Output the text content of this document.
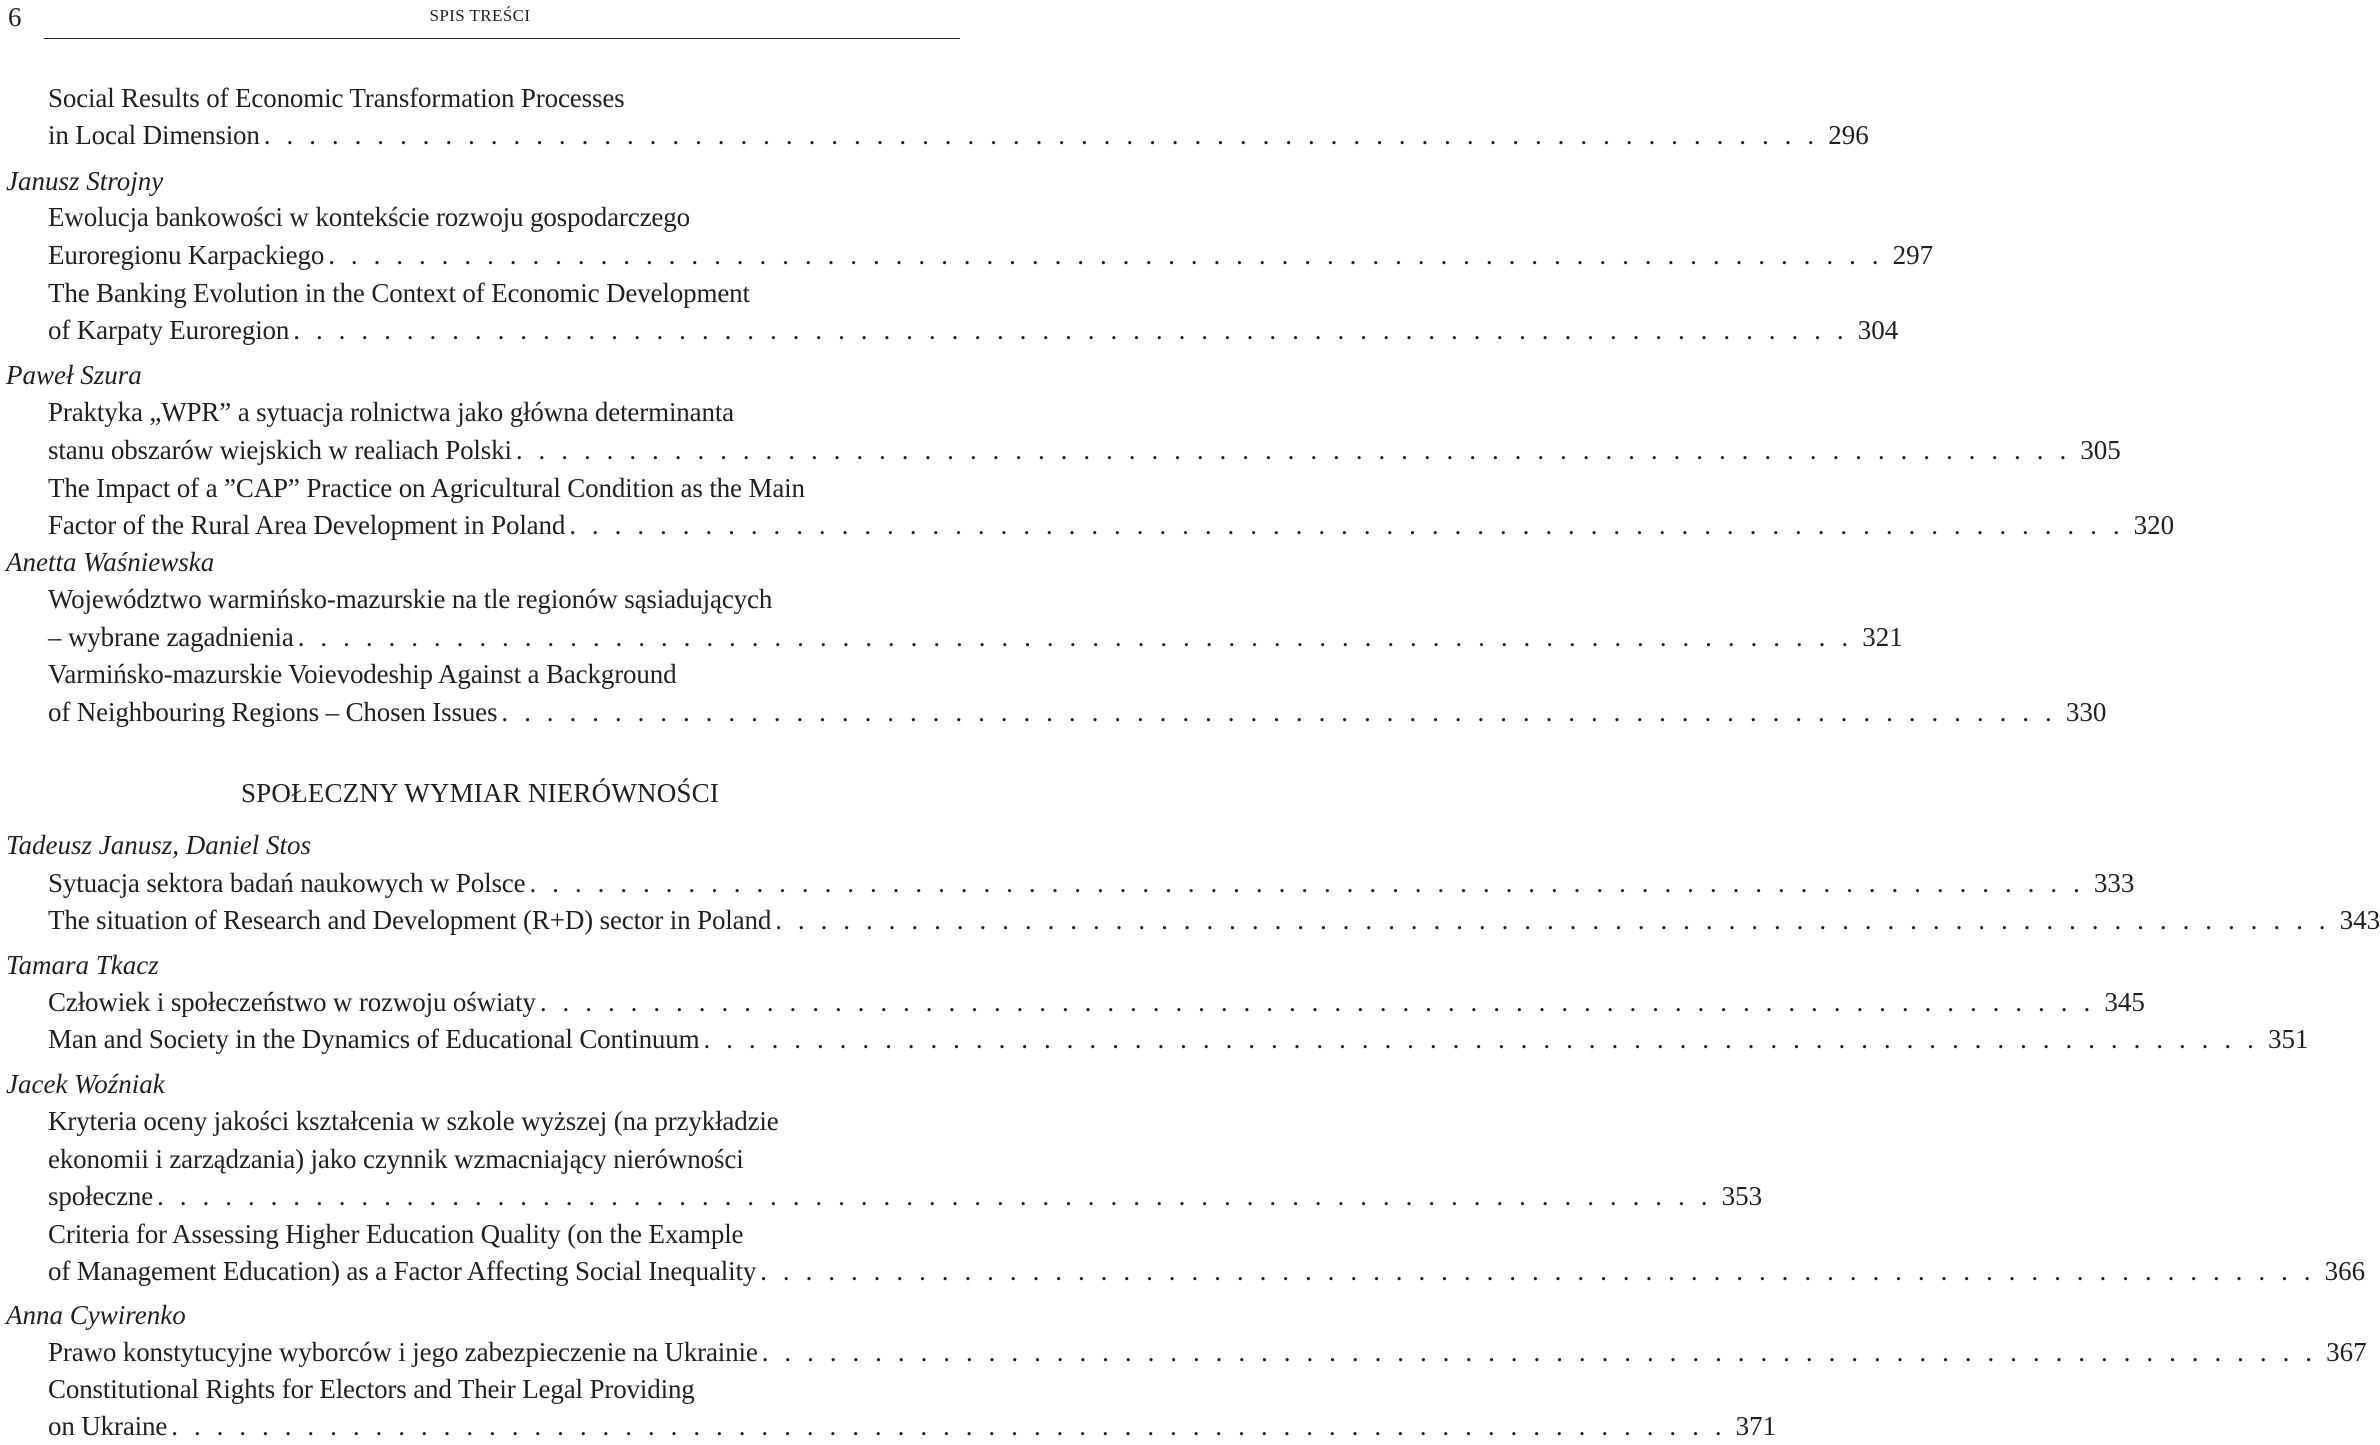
6	SPIS TREŚCI
Social Results of Economic Transformation Processes
in Local Dimension . . . . . . . . . . . . . . . . . . . . . . . . . . . . . . . . . . . . . . . . . . . . . . . . . . . . . . . . . . . . . . . . . . . . . 296
Janusz Strojny
Ewolucja bankowości w kontekście rozwoju gospodarczego
Euroregionu Karpackiego . . . . . . . . . . . . . . . . . . . . . . . . . . . . . . . . . . . . . . . . . . . . . . . . . . . . . . . . . . . . . . . . . . . . . 297
The Banking Evolution in the Context of Economic Development
of Karpaty Euroregion . . . . . . . . . . . . . . . . . . . . . . . . . . . . . . . . . . . . . . . . . . . . . . . . . . . . . . . . . . . . . . . . . . . . . 304
Paweł Szura
Praktyka „WPR” a sytuacja rolnictwa jako główna determinanta
stanu obszarów wiejskich w realiach Polski . . . . . . . . . . . . . . . . . . . . . . . . . . . . . . . . . . . . . . . . . . . . . . . . . . . . . . . . . . . . . . . . . . . . . 305
The Impact of a ”CAP” Practice on Agricultural Condition as the Main
Factor of the Rural Area Development in Poland . . . . . . . . . . . . . . . . . . . . . . . . . . . . . . . . . . . . . . . . . . . . . . . . . . . . . . . . . . . . . . . . . . . . . 320
Anetta Waśniewska
Województwo warmińsko-mazurskie na tle regionów sąsiadujących
– wybrane zagadnienia . . . . . . . . . . . . . . . . . . . . . . . . . . . . . . . . . . . . . . . . . . . . . . . . . . . . . . . . . . . . . . . . . . . . . 321
Varmińsko-mazurskie Voievodeship Against a Background
of Neighbouring Regions – Chosen Issues . . . . . . . . . . . . . . . . . . . . . . . . . . . . . . . . . . . . . . . . . . . . . . . . . . . . . . . . . . . . . . . . . . . . . 330
SPOŁECZNY WYMIAR NIERÓWNOŚCI
Tadeusz Janusz, Daniel Stos
Sytuacja sektora badań naukowych w Polsce . . . . . . . . . . . . . . . . . . . . . . . . . . . . . . . . . . . . . . . . . . . . . . . . . . . . . . . . . . . . . . . . . . . . . 333
The situation of Research and Development (R+D) sector in Poland . . . . . . . . . . . . . . . . . . . . . . . . . . . . . . . . . . . . . . . . . . . . . . . . . . . . . . . . . . . . . . . . . . . . . 343
Tamara Tkacz
Człowiek i społeczeństwo w rozwoju oświaty . . . . . . . . . . . . . . . . . . . . . . . . . . . . . . . . . . . . . . . . . . . . . . . . . . . . . . . . . . . . . . . . . . . . . 345
Man and Society in the Dynamics of Educational Continuum . . . . . . . . . . . . . . . . . . . . . . . . . . . . . . . . . . . . . . . . . . . . . . . . . . . . . . . . . . . . . . . . . . . . . 351
Jacek Woźniak
Kryteria oceny jakości kształcenia w szkole wyższej (na przykładzie
ekonomii i zarządzania) jako czynnik wzmacniający nierówności
społeczne . . . . . . . . . . . . . . . . . . . . . . . . . . . . . . . . . . . . . . . . . . . . . . . . . . . . . . . . . . . . . . . . . . . . . 353
Criteria for Assessing Higher Education Quality (on the Example
of Management Education) as a Factor Affecting Social Inequality . . . . . . . . . . . . . . . . . . . . . . . . . . . . . . . . . . . . . . . . . . . . . . . . . . . . . . . . . . . . . . . . . . . . . 366
Anna Cywirenko
Prawo konstytucyjne wyborców i jego zabezpieczenie na Ukrainie . . . . . . . . . . . . . . . . . . . . . . . . . . . . . . . . . . . . . . . . . . . . . . . . . . . . . . . . . . . . . . . . . . . . . 367
Constitutional Rights for Electors and Their Legal Providing
on Ukraine . . . . . . . . . . . . . . . . . . . . . . . . . . . . . . . . . . . . . . . . . . . . . . . . . . . . . . . . . . . . . . . . . . . . . 371
